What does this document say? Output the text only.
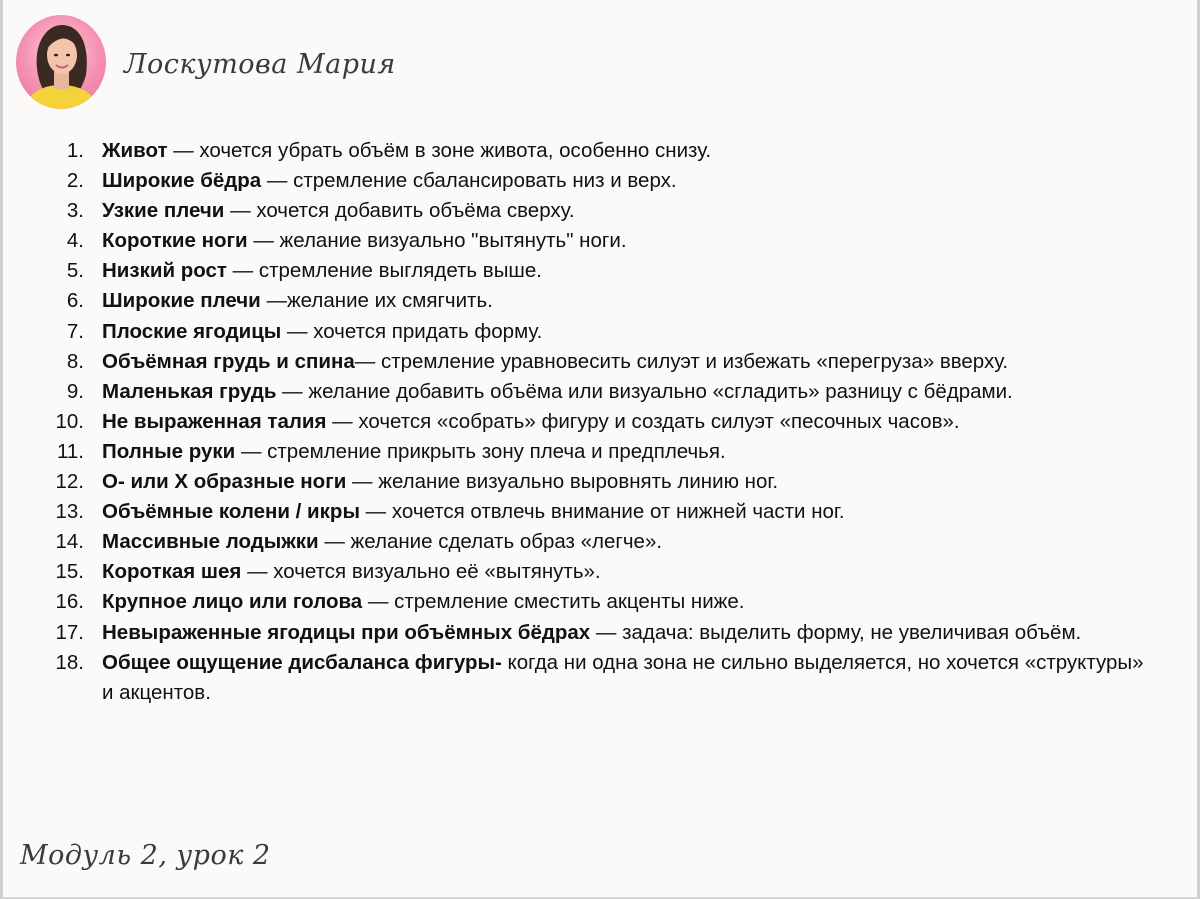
Лоскутова Мария
1. Живот — хочется убрать объём в зоне живота, особенно снизу.
2. Широкие бёдра — стремление сбалансировать низ и верх.
3. Узкие плечи — хочется добавить объёма сверху.
4. Короткие ноги — желание визуально "вытянуть" ноги.
5. Низкий рост — стремление выглядеть выше.
6. Широкие плечи —желание их смягчить.
7. Плоские ягодицы — хочется придать форму.
8. Объёмная грудь и спина— стремление уравновесить силуэт и избежать «перегруза» вверху.
9. Маленькая грудь — желание добавить объёма или визуально «сгладить» разницу с бёдрами.
10. Не выраженная талия — хочется «собрать» фигуру и создать силуэт «песочных часов».
11. Полные руки — стремление прикрыть зону плеча и предплечья.
12. О- или Х образные ноги — желание визуально выровнять линию ног.
13. Объёмные колени / икры — хочется отвлечь внимание от нижней части ног.
14. Массивные лодыжки — желание сделать образ «легче».
15. Короткая шея — хочется визуально её «вытянуть».
16. Крупное лицо или голова — стремление сместить акценты ниже.
17. Невыраженные ягодицы при объёмных бёдрах — задача: выделить форму, не увеличивая объём.
18. Общее ощущение дисбаланса фигуры- когда ни одна зона не сильно выделяется, но хочется «структуры» и акцентов.
Модуль 2, урок 2
